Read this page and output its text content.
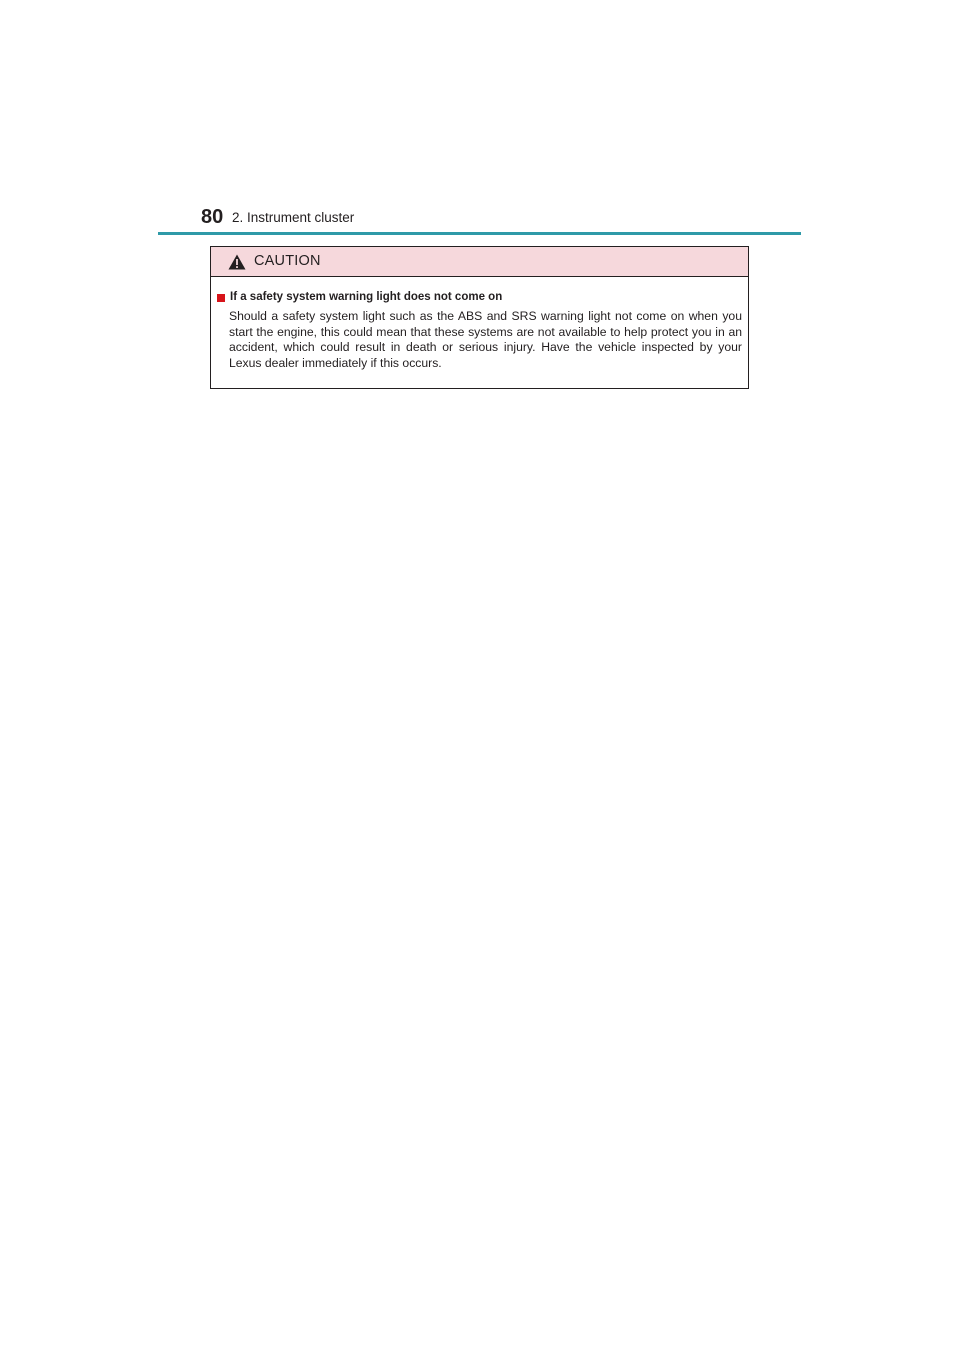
80 2. Instrument cluster
CAUTION
If a safety system warning light does not come on
Should a safety system light such as the ABS and SRS warning light not come on when you start the engine, this could mean that these systems are not available to help protect you in an accident, which could result in death or serious injury. Have the vehicle inspected by your Lexus dealer immediately if this occurs.
